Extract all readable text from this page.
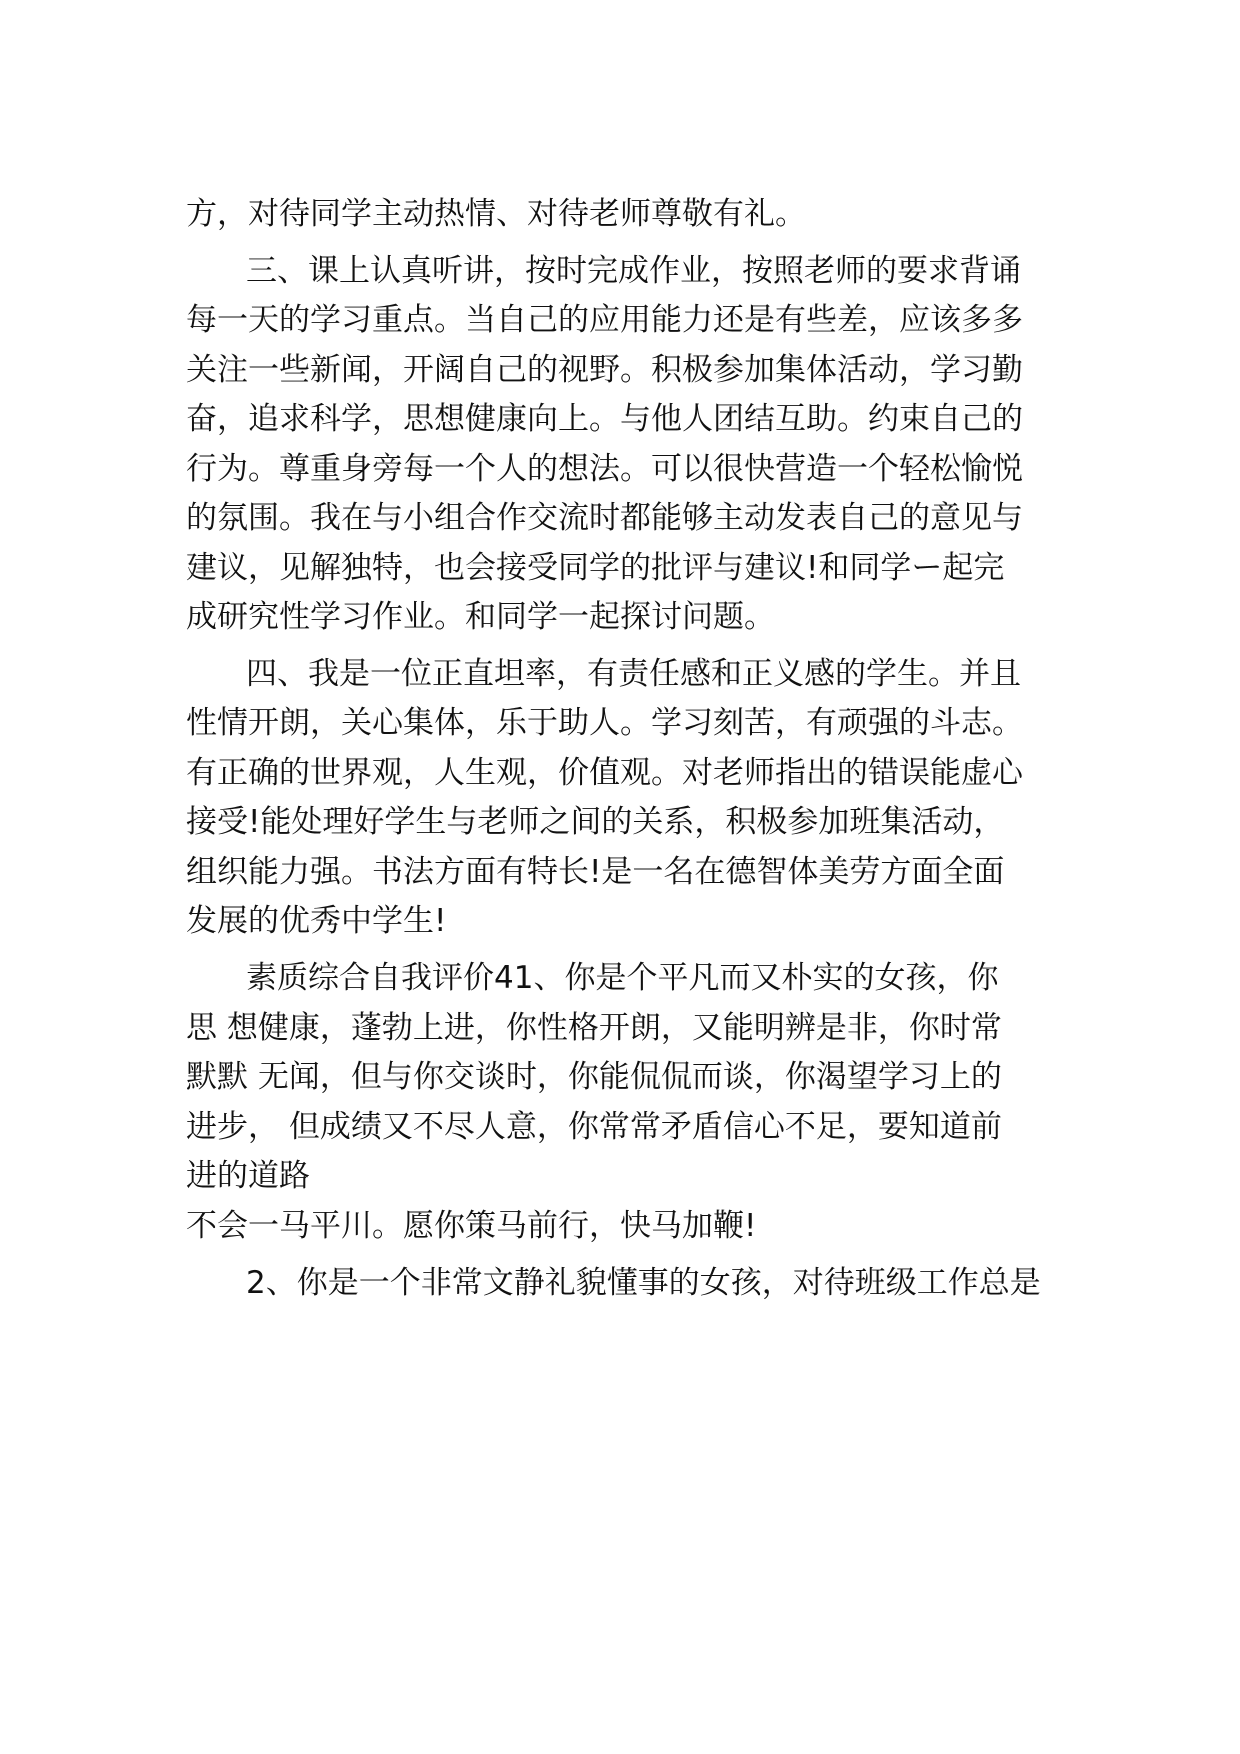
方，对待同学主动热情、对待老师尊敬有礼。

三、课上认真听讲，按时完成作业，按照老师的要求背诵

每一天的学习重点。当自己的应用能力还是有些差，应该多多

关注一些新闻，开阔自己的视野。积极参加集体活动，学习勤

奋，追求科学，思想健康向上。与他人团结互助。约束自己的

行为。尊重身旁每一个人的想法。可以很快营造一个轻松愉悦

的氛围。我在与小组合作交流时都能够主动发表自己的意见与

建议，见解独特，也会接受同学的批评与建议!和同学ー起完

成研究性学习作业。和同学一起探讨问题。

四、我是一位正直坦率，有责任感和正义感的学生。并且

性情开朗，关心集体，乐于助人。学习刻苦，有顽强的斗志。

有正确的世界观，人生观，价值观。对老师指出的错误能虚心

接受!能处理好学生与老师之间的关系，积极参加班集活动，

组织能力强。书法方面有特长!是一名在德智体美劳方面全面

发展的优秀中学生!

素质综合自我评价41、你是个平凡而又朴实的女孩，你

思 想健康，蓬勃上进，你性格开朗，又能明辨是非，你时常

默默 无闻，但与你交谈时，你能侃侃而谈，你渴望学习上的

进步， 但成绩又不尽人意，你常常矛盾信心不足，要知道前

进的道路

不会一马平川。愿你策马前行，快马加鞭!

2、你是一个非常文静礼貌懂事的女孩，对待班级工作总是
